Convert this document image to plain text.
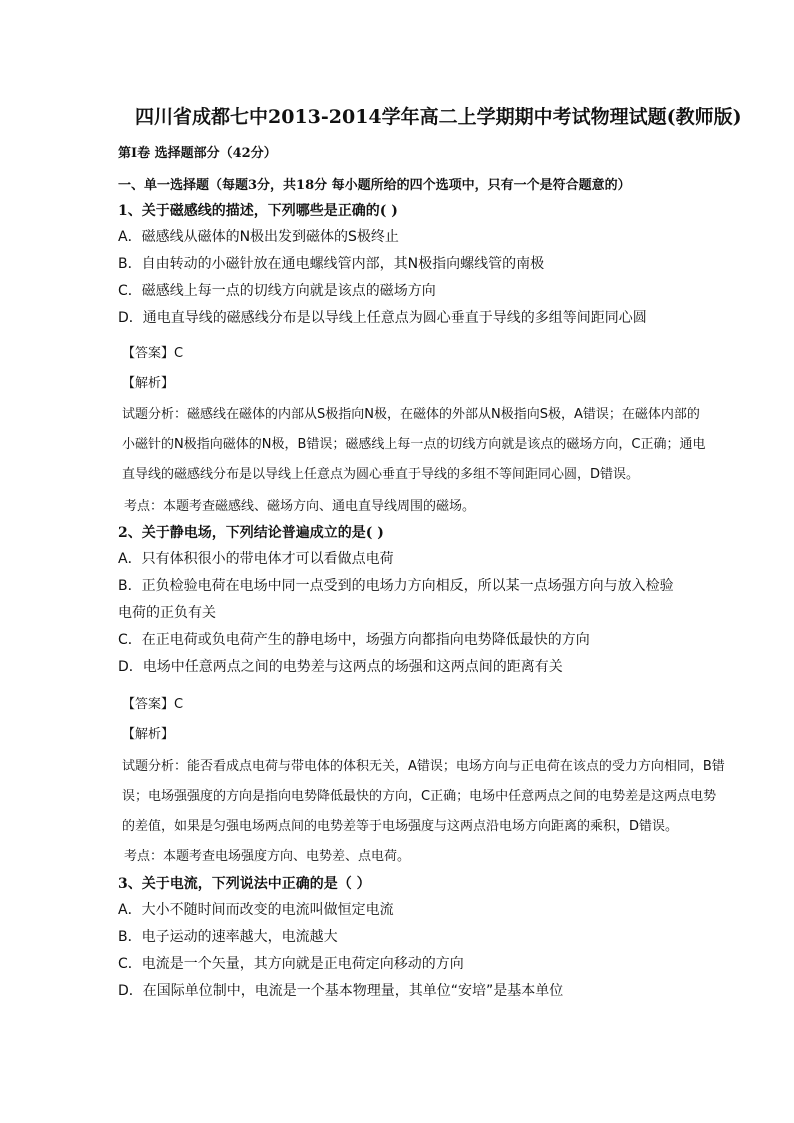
四川省成都七中2013-2014学年高二上学期期中考试物理试题(教师版)
第Ⅰ卷 选择题部分（42分）
一、单一选择题（每题3分，共18分 每小题所给的四个选项中，只有一个是符合题意的）
1、关于磁感线的描述，下列哪些是正确的( )
A．磁感线从磁体的N极出发到磁体的S极终止
B．自由转动的小磁针放在通电螺线管内部，其N极指向螺线管的南极
C．磁感线上每一点的切线方向就是该点的磁场方向
D．通电直导线的磁感线分布是以导线上任意点为圆心垂直于导线的多组等间距同心圆
【答案】C
【解析】
试题分析：磁感线在磁体的内部从S极指向N极，在磁体的外部从N极指向S极，A错误；在磁体内部的
小磁针的N极指向磁体的N极，B错误；磁感线上每一点的切线方向就是该点的磁场方向，C正确；通电
直导线的磁感线分布是以导线上任意点为圆心垂直于导线的多组不等间距同心圆，D错误。
考点：本题考查磁感线、磁场方向、通电直导线周围的磁场。
2、关于静电场，下列结论普遍成立的是( )
A．只有体积很小的带电体才可以看做点电荷
B．正负检验电荷在电场中同一点受到的电场力方向相反，所以某一点场强方向与放入检验
电荷的正负有关
C．在正电荷或负电荷产生的静电场中，场强方向都指向电势降低最快的方向
D．电场中任意两点之间的电势差与这两点的场强和这两点间的距离有关
【答案】C
【解析】
试题分析：能否看成点电荷与带电体的体积无关，A错误；电场方向与正电荷在该点的受力方向相同，B错
误；电场强强度的方向是指向电势降低最快的方向，C正确；电场中任意两点之间的电势差是这两点电势
的差值，如果是匀强电场两点间的电势差等于电场强度与这两点沿电场方向距离的乘积，D错误。
考点：本题考查电场强度方向、电势差、点电荷。
3、关于电流，下列说法中正确的是（ ）
A．大小不随时间而改变的电流叫做恒定电流
B．电子运动的速率越大，电流越大
C．电流是一个矢量，其方向就是正电荷定向移动的方向
D．在国际单位制中，电流是一个基本物理量，其单位“安培”是基本单位
